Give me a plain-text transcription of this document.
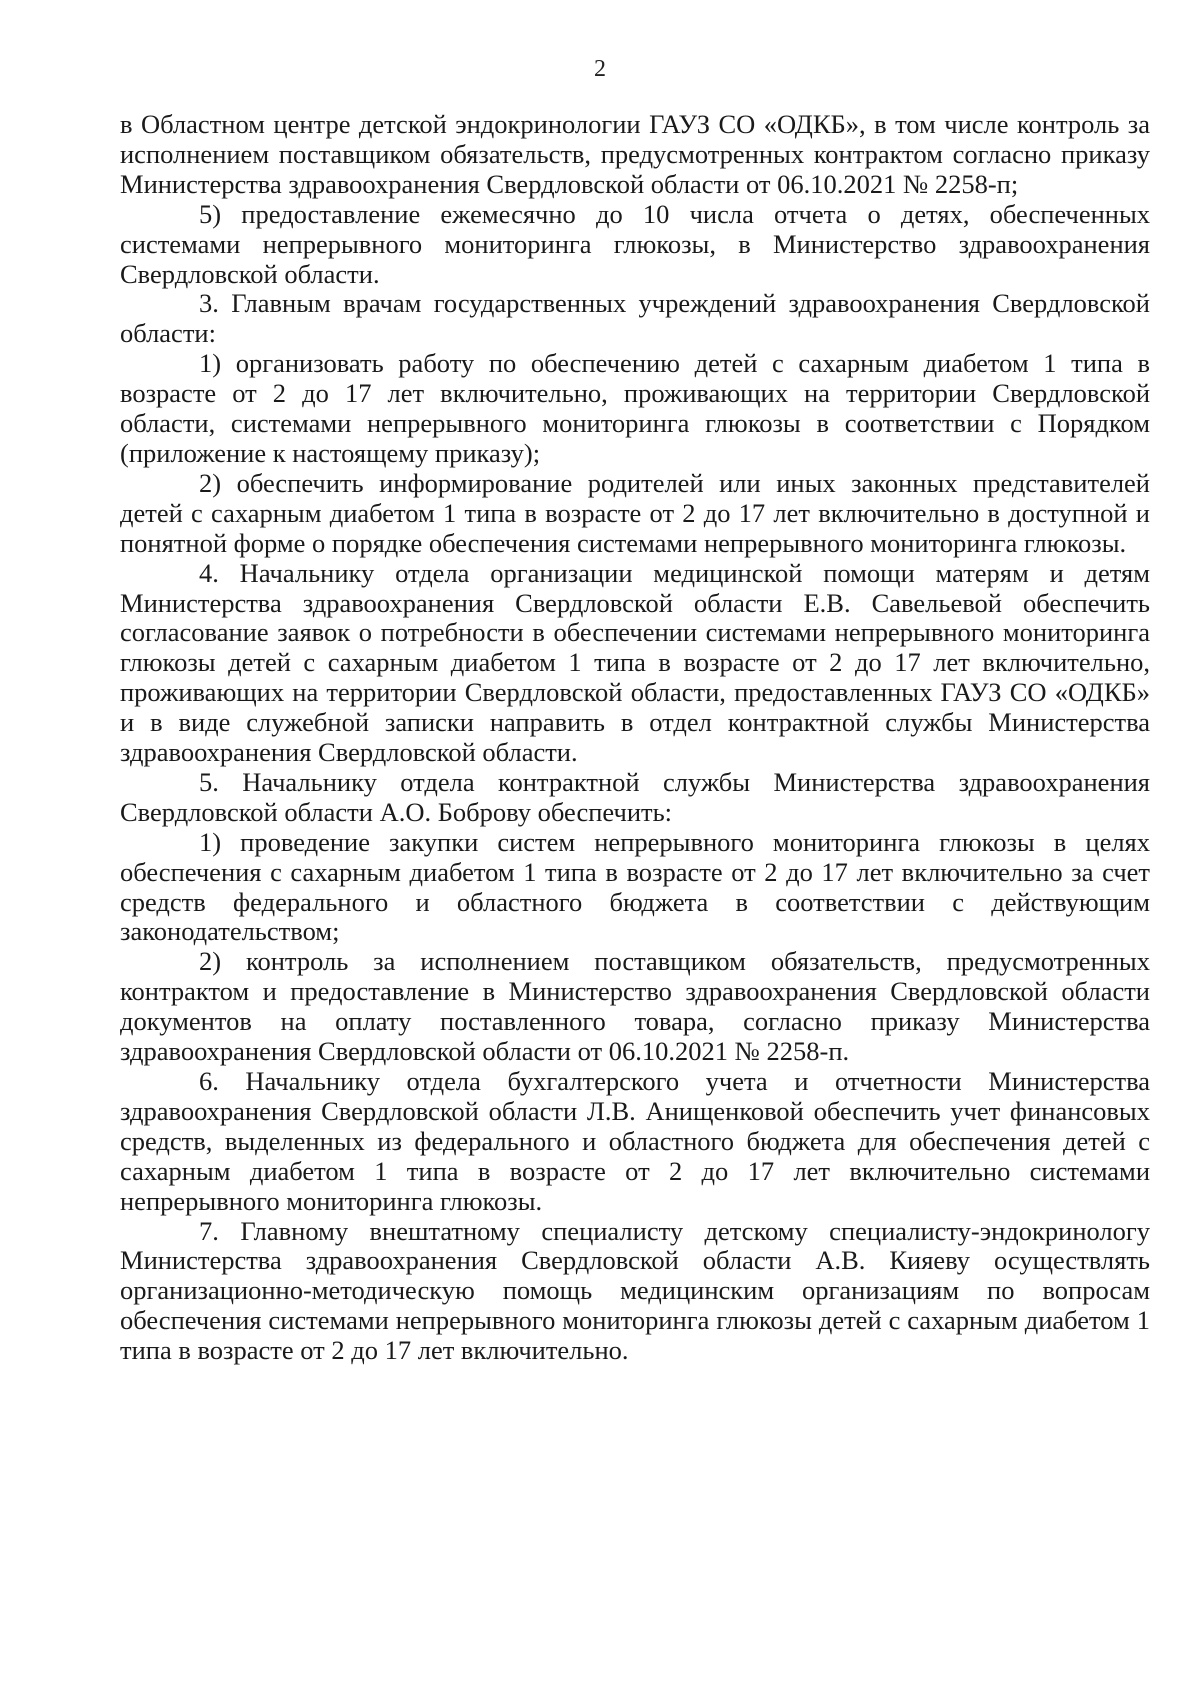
2

в Областном центре детской эндокринологии ГАУЗ СО «ОДКБ», в том числе контроль за исполнением поставщиком обязательств, предусмотренных контрактом согласно приказу Министерства здравоохранения Свердловской области от 06.10.2021 № 2258-п;

5) предоставление ежемесячно до 10 числа отчета о детях, обеспеченных системами непрерывного мониторинга глюкозы, в Министерство здравоохранения Свердловской области.

3. Главным врачам государственных учреждений здравоохранения Свердловской области:

1) организовать работу по обеспечению детей с сахарным диабетом 1 типа в возрасте от 2 до 17 лет включительно, проживающих на территории Свердловской области, системами непрерывного мониторинга глюкозы в соответствии с Порядком (приложение к настоящему приказу);

2) обеспечить информирование родителей или иных законных представителей детей с сахарным диабетом 1 типа в возрасте от 2 до 17 лет включительно в доступной и понятной форме о порядке обеспечения системами непрерывного мониторинга глюкозы.

4. Начальнику отдела организации медицинской помощи матерям и детям Министерства здравоохранения Свердловской области Е.В. Савельевой обеспечить согласование заявок о потребности в обеспечении системами непрерывного мониторинга глюкозы детей с сахарным диабетом 1 типа в возрасте от 2 до 17 лет включительно, проживающих на территории Свердловской области, предоставленных ГАУЗ СО «ОДКБ» и в виде служебной записки направить в отдел контрактной службы Министерства здравоохранения Свердловской области.

5. Начальнику отдела контрактной службы Министерства здравоохранения Свердловской области А.О. Боброву обеспечить:

1) проведение закупки систем непрерывного мониторинга глюкозы в целях обеспечения с сахарным диабетом 1 типа в возрасте от 2 до 17 лет включительно за счет средств федерального и областного бюджета в соответствии с действующим законодательством;

2) контроль за исполнением поставщиком обязательств, предусмотренных контрактом и предоставление в Министерство здравоохранения Свердловской области документов на оплату поставленного товара, согласно приказу Министерства здравоохранения Свердловской области от 06.10.2021 № 2258-п.

6. Начальнику отдела бухгалтерского учета и отчетности Министерства здравоохранения Свердловской области Л.В. Анищенковой обеспечить учет финансовых средств, выделенных из федерального и областного бюджета для обеспечения детей с сахарным диабетом 1 типа в возрасте от 2 до 17 лет включительно системами непрерывного мониторинга глюкозы.

7. Главному внештатному специалисту детскому специалисту-эндокринологу Министерства здравоохранения Свердловской области А.В. Кияеву осуществлять организационно-методическую помощь медицинским организациям по вопросам обеспечения системами непрерывного мониторинга глюкозы детей с сахарным диабетом 1 типа в возрасте от 2 до 17 лет включительно.
